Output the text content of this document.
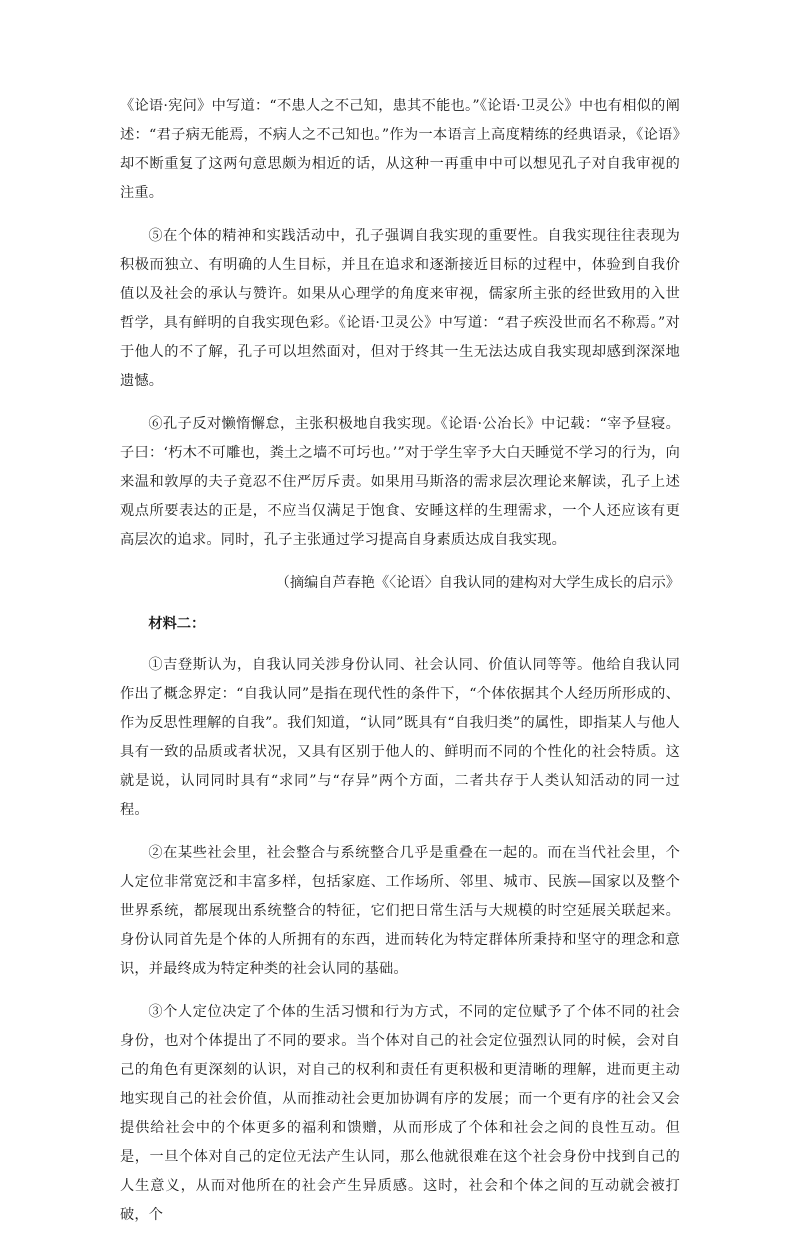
《论语·宪问》中写道：“不患人之不己知，患其不能也。”《论语·卫灵公》中也有相似的阐述：“君子病无能焉，不病人之不己知也。”作为一本语言上高度精练的经典语录，《论语》却不断重复了这两句意思颇为相近的话，从这种一再重申中可以想见孔子对自我审视的注重。

⑤在个体的精神和实践活动中，孔子强调自我实现的重要性。自我实现往往表现为积极而独立、有明确的人生目标，并且在追求和逐渐接近目标的过程中，体验到自我价值以及社会的承认与赞许。如果从心理学的角度来审视，儒家所主张的经世致用的入世哲学，具有鲜明的自我实现色彩。《论语·卫灵公》中写道：“君子疾没世而名不称焉。”对于他人的不了解，孔子可以坦然面对，但对于终其一生无法达成自我实现却感到深深地遗憾。

⑥孔子反对懒惰懈怠，主张积极地自我实现。《论语·公冶长》中记载：“宰予昼寝。子曰：‘朽木不可雕也，粪土之墙不可圬也。’”对于学生宰予大白天睡觉不学习的行为，向来温和敦厚的夫子竟忍不住严厉斥责。如果用马斯洛的需求层次理论来解读，孔子上述观点所要表达的正是，不应当仅满足于饱食、安睡这样的生理需求，一个人还应该有更高层次的追求。同时，孔子主张通过学习提高自身素质达成自我实现。

（摘编自芦春艳《〈论语〉自我认同的建构对大学生成长的启示》

材料二：

①吉登斯认为，自我认同关涉身份认同、社会认同、价值认同等等。他给自我认同作出了概念界定：“自我认同”是指在现代性的条件下，“个体依据其个人经历所形成的、作为反思性理解的自我”。我们知道，“认同”既具有“自我归类”的属性，即指某人与他人具有一致的品质或者状况，又具有区别于他人的、鲜明而不同的个性化的社会特质。这就是说，认同同时具有“求同”与“存异”两个方面，二者共存于人类认知活动的同一过程。

②在某些社会里，社会整合与系统整合几乎是重叠在一起的。而在当代社会里，个人定位非常宽泛和丰富多样，包括家庭、工作场所、邻里、城市、民族—国家以及整个世界系统，都展现出系统整合的特征，它们把日常生活与大规模的时空延展关联起来。身份认同首先是个体的人所拥有的东西，进而转化为特定群体所秉持和坚守的理念和意识，并最终成为特定种类的社会认同的基础。

③个人定位决定了个体的生活习惯和行为方式，不同的定位赋予了个体不同的社会身份，也对个体提出了不同的要求。当个体对自己的社会定位强烈认同的时候，会对自己的角色有更深刻的认识，对自己的权利和责任有更积极和更清晰的理解，进而更主动地实现自己的社会价值，从而推动社会更加协调有序的发展；而一个更有序的社会又会提供给社会中的个体更多的福利和馈赠，从而形成了个体和社会之间的良性互动。但是，一旦个体对自己的定位无法产生认同，那么他就很难在这个社会身份中找到自己的人生意义，从而对他所在的社会产生异质感。这时，社会和个体之间的互动就会被打破，个
